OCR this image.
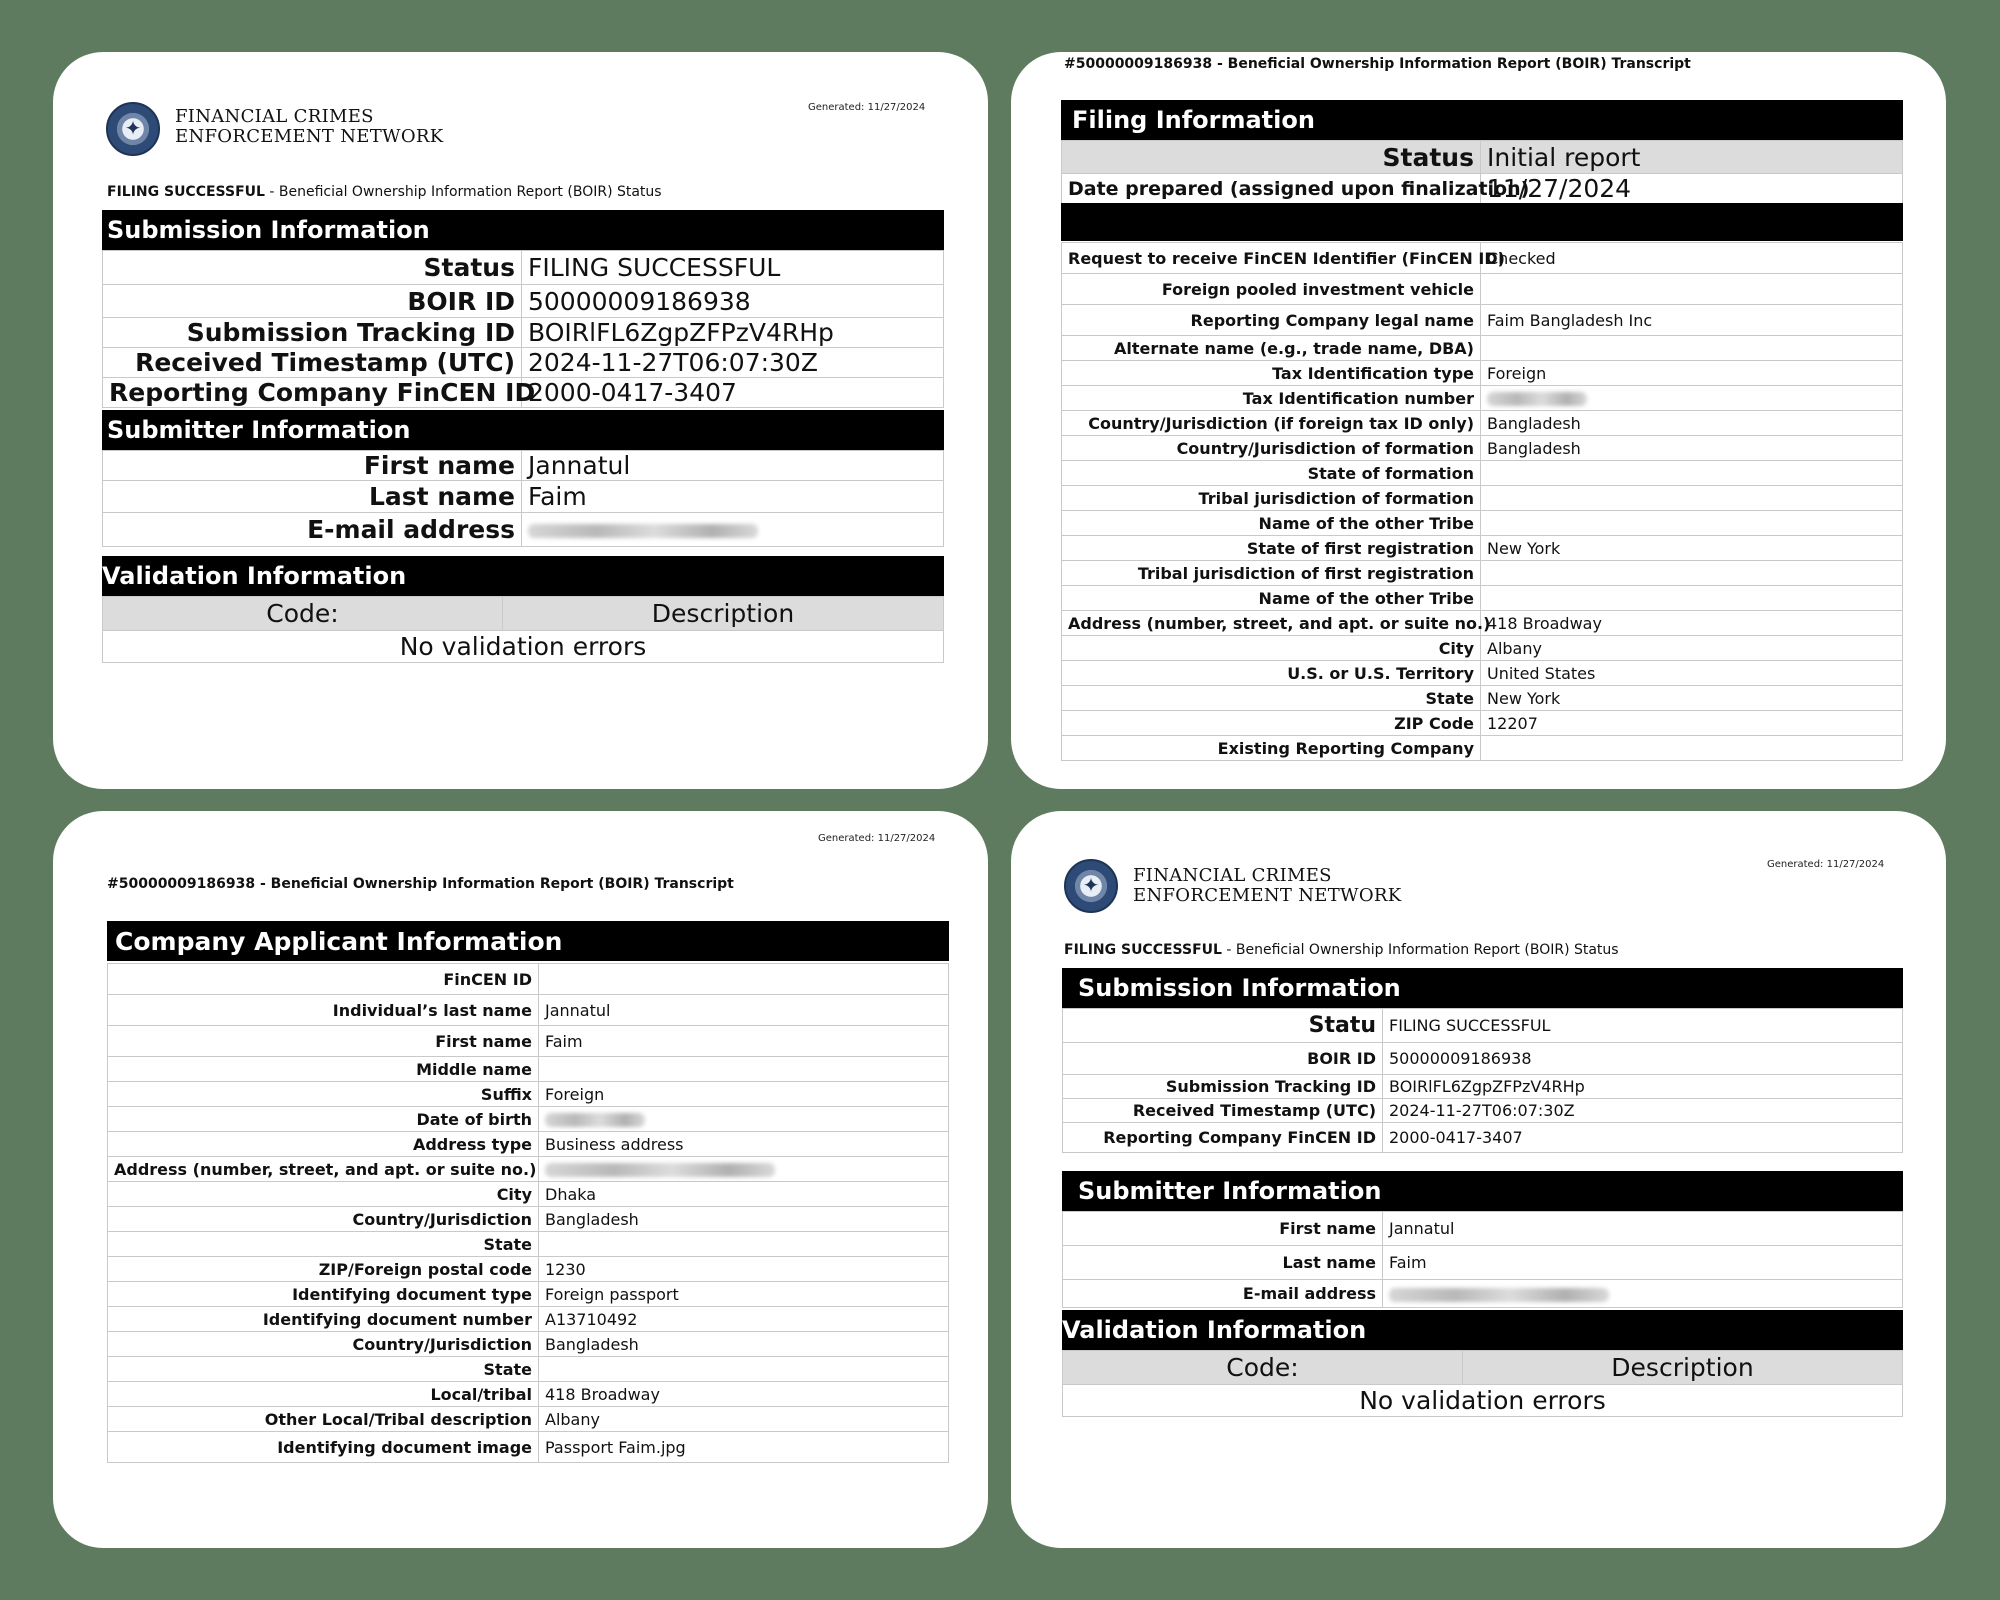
✦	FINANCIAL CRIMES
ENFORCEMENT NETWORK
Generated: 11/27/2024
FILING SUCCESSFUL - Beneficial Ownership Information Report (BOIR) Status
Submission Information
Status	FILING SUCCESSFUL
BOIR ID	50000009186938
Submission Tracking ID	BOIRlFL6ZgpZFPzV4RHp
Received Timestamp (UTC)	2024-11-27T06:07:30Z
Reporting Company FinCEN ID	2000-0417-3407
Submitter Information
First name	Jannatul
Last name	Faim
E-mail address	
Validation Information
Code:	Description
No validation errors
#50000009186938 - Beneficial Ownership Information Report (BOIR) Transcript
Filing Information
Status	Initial report
Date prepared (assigned upon finalization)	11/27/2024
Request to receive FinCEN Identifier (FinCEN ID)	Checked
Foreign pooled investment vehicle	
Reporting Company legal name	Faim Bangladesh Inc
Alternate name (e.g., trade name, DBA)	
Tax Identification type	Foreign
Tax Identification number	
Country/Jurisdiction (if foreign tax ID only)	Bangladesh
Country/Jurisdiction of formation	Bangladesh
State of formation	
Tribal jurisdiction of formation	
Name of the other Tribe	
State of first registration	New York
Tribal jurisdiction of first registration	
Name of the other Tribe	
Address (number, street, and apt. or suite no.)	418 Broadway
City	Albany
U.S. or U.S. Territory	United States
State	New York
ZIP Code	12207
Existing Reporting Company	
Generated: 11/27/2024
#50000009186938 - Beneficial Ownership Information Report (BOIR) Transcript
Company Applicant Information
FinCEN ID	
Individual’s last name	Jannatul
First name	Faim
Middle name	
Suffix	Foreign
Date of birth	
Address type	Business address
Address (number, street, and apt. or suite no.)	
City	Dhaka
Country/Jurisdiction	Bangladesh
State	
ZIP/Foreign postal code	1230
Identifying document type	Foreign passport
Identifying document number	A13710492
Country/Jurisdiction	Bangladesh
State	
Local/tribal	418 Broadway
Other Local/Tribal description	Albany
Identifying document image	Passport Faim.jpg
✦	FINANCIAL CRIMES
ENFORCEMENT NETWORK
Generated: 11/27/2024
FILING SUCCESSFUL - Beneficial Ownership Information Report (BOIR) Status
Submission Information
Statu	FILING SUCCESSFUL
BOIR ID	50000009186938
Submission Tracking ID	BOIRlFL6ZgpZFPzV4RHp
Received Timestamp (UTC)	2024-11-27T06:07:30Z
Reporting Company FinCEN ID	2000-0417-3407
Submitter Information
First name	Jannatul
Last name	Faim
E-mail address	
Validation Information
Code:	Description
No validation errors
